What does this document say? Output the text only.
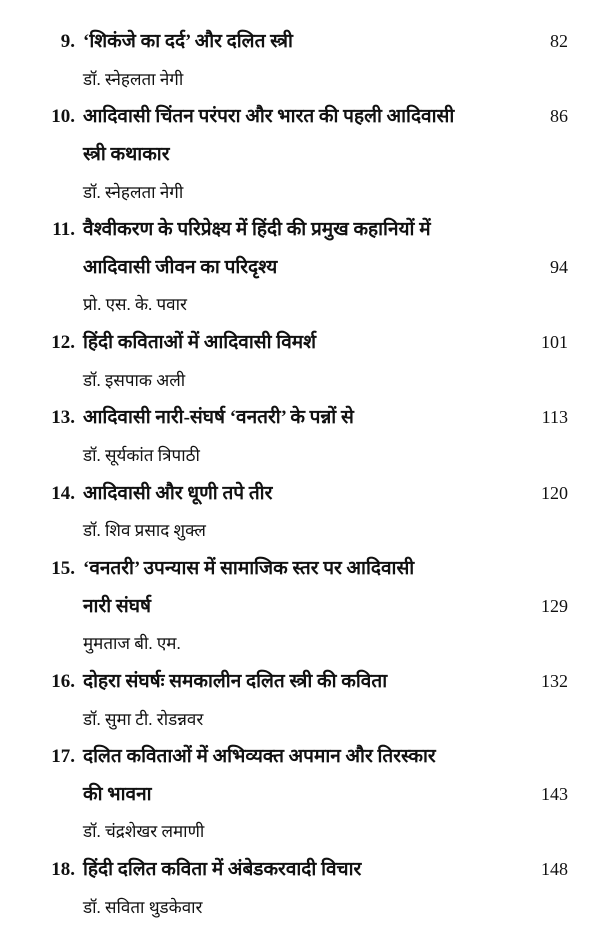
9. ‘शिकंजे का दर्द’ और दलित स्त्री	82
डॉ. स्नेहलता नेगी
10. आदिवासी चिंतन परंपरा और भारत की पहली आदिवासी	86
स्त्री कथाकार
डॉ. स्नेहलता नेगी
11. वैश्वीकरण के परिप्रेक्ष्य में हिंदी की प्रमुख कहानियों में
आदिवासी जीवन का परिदृश्य	94
प्रो. एस. के. पवार
12. हिंदी कविताओं में आदिवासी विमर्श	101
डॉ. इसपाक अली
13. आदिवासी नारी-संघर्ष ‘वनतरी’ के पन्नों से	113
डॉ. सूर्यकांत त्रिपाठी
14. आदिवासी और धूणी तपे तीर	120
डॉ. शिव प्रसाद शुक्ल
15. ‘वनतरी’ उपन्यास में सामाजिक स्तर पर आदिवासी
नारी संघर्ष	129
मुमताज बी. एम.
16. दोहरा संघर्षः समकालीन दलित स्त्री की कविता	132
डॉ. सुमा टी. रोडन्नवर
17. दलित कविताओं में अभिव्यक्त अपमान और तिरस्कार
की भावना	143
डॉ. चंद्रशेखर लमाणी
18. हिंदी दलित कविता में अंबेडकरवादी विचार	148
डॉ. सविता थुडकेवार
